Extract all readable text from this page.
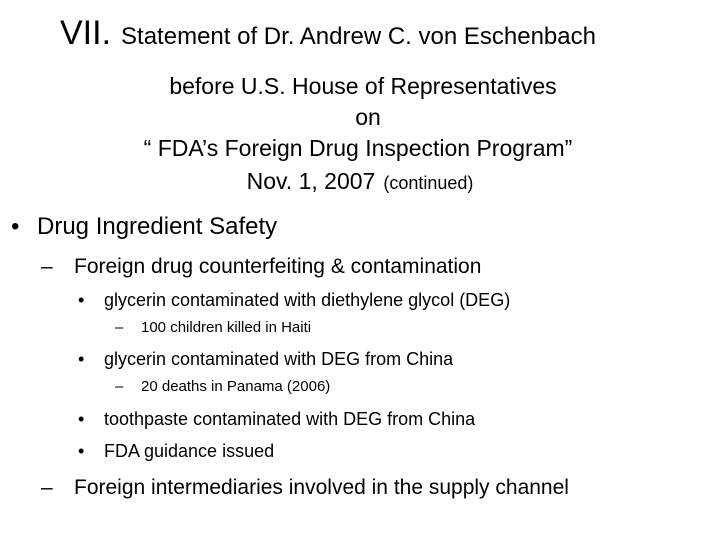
VII. Statement of Dr. Andrew C. von Eschenbach
before U.S. House of Representatives
on
“ FDA’s Foreign Drug Inspection Program”
Nov. 1, 2007 (continued)
• Drug Ingredient Safety
– Foreign drug counterfeiting & contamination
• glycerin contaminated with diethylene glycol (DEG)
– 100 children killed in Haiti
• glycerin contaminated with DEG from China
– 20 deaths in Panama (2006)
• toothpaste contaminated with DEG from China
• FDA guidance issued
– Foreign intermediaries involved in the supply channel
